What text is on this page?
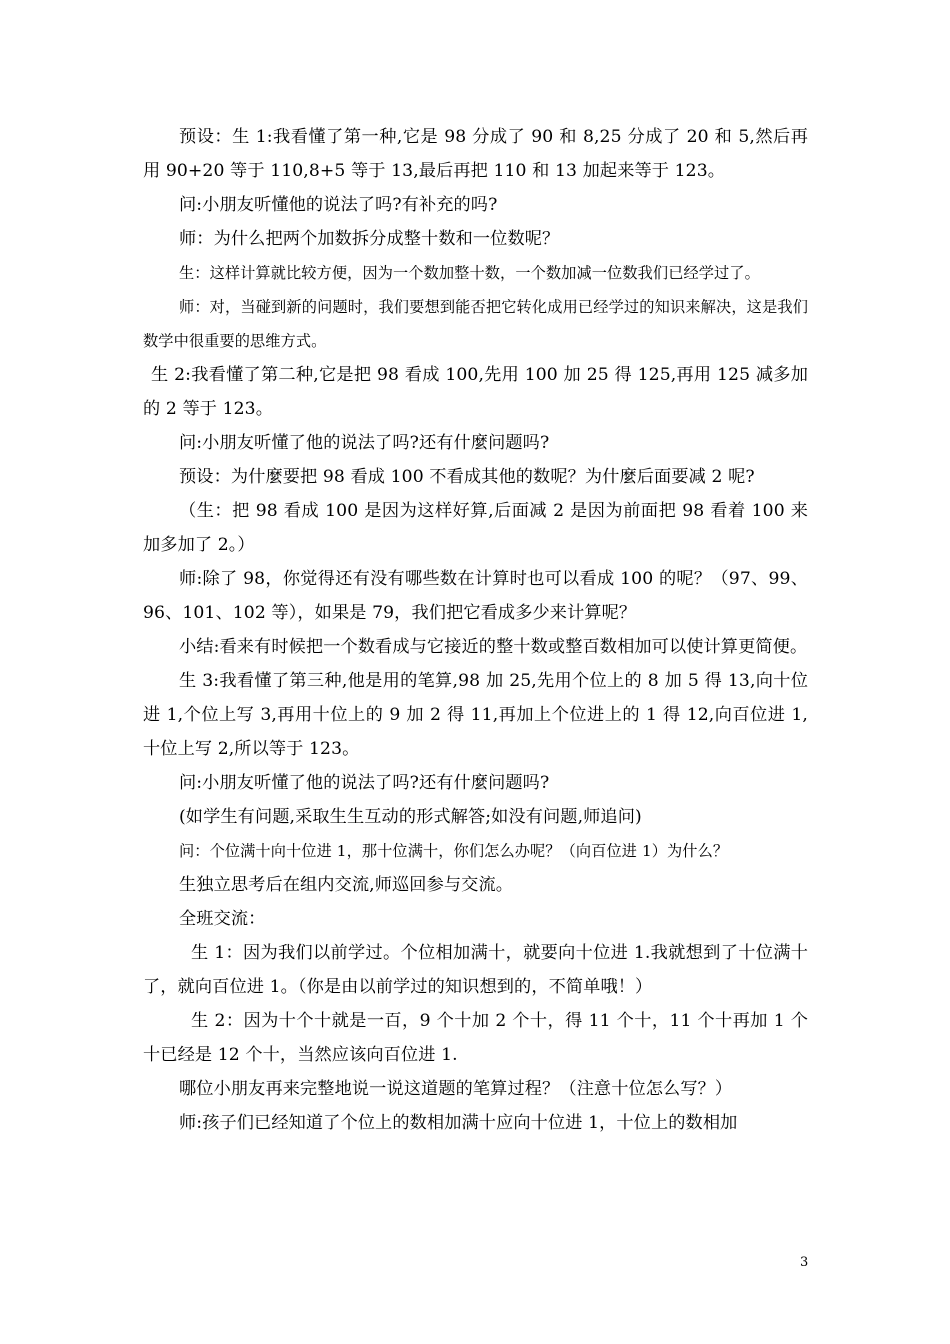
预设：生 1:我看懂了第一种,它是 98 分成了 90 和 8,25 分成了 20 和 5,然后再用 90+20 等于 110,8+5 等于 13,最后再把 110 和 13 加起来等于 123。

问:小朋友听懂他的说法了吗?有补充的吗?

师：为什么把两个加数拆分成整十数和一位数呢？

生：这样计算就比较方便，因为一个数加整十数，一个数加减一位数我们已经学过了。

师：对，当碰到新的问题时，我们要想到能否把它转化成用已经学过的知识来解决，这是我们数学中很重要的思维方式。

生 2:我看懂了第二种,它是把 98 看成 100,先用 100 加 25 得 125,再用 125 减多加的 2 等于 123。

问:小朋友听懂了他的说法了吗?还有什麼问题吗?

预设：为什麼要把 98 看成 100 不看成其他的数呢？为什麼后面要减 2 呢?

（生：把 98 看成 100 是因为这样好算,后面减 2 是因为前面把 98 看着 100 来加多加了 2。）

师:除了 98，你觉得还有没有哪些数在计算时也可以看成 100 的呢？（97、99、96、101、102 等），如果是 79，我们把它看成多少来计算呢？

小结:看来有时候把一个数看成与它接近的整十数或整百数相加可以使计算更简便。

生 3:我看懂了第三种,他是用的笔算,98 加 25,先用个位上的 8 加 5 得 13,向十位进 1,个位上写 3,再用十位上的 9 加 2 得 11,再加上个位进上的 1 得 12,向百位进 1,十位上写 2,所以等于 123。

问:小朋友听懂了他的说法了吗?还有什麼问题吗?

(如学生有问题,采取生生互动的形式解答;如没有问题,师追问)

问：个位满十向十位进 1，那十位满十，你们怎么办呢？（向百位进 1）为什么？

生独立思考后在组内交流,师巡回参与交流。

全班交流：

生 1：因为我们以前学过。个位相加满十，就要向十位进 1.我就想到了十位满十了，就向百位进 1。（你是由以前学过的知识想到的，不简单哦！）

生 2：因为十个十就是一百，9 个十加 2 个十，得 11 个十，11 个十再加 1 个十已经是 12 个十，当然应该向百位进 1.

哪位小朋友再来完整地说一说这道题的笔算过程？（注意十位怎么写？）

师:孩子们已经知道了个位上的数相加满十应向十位进 1，十位上的数相加

3
